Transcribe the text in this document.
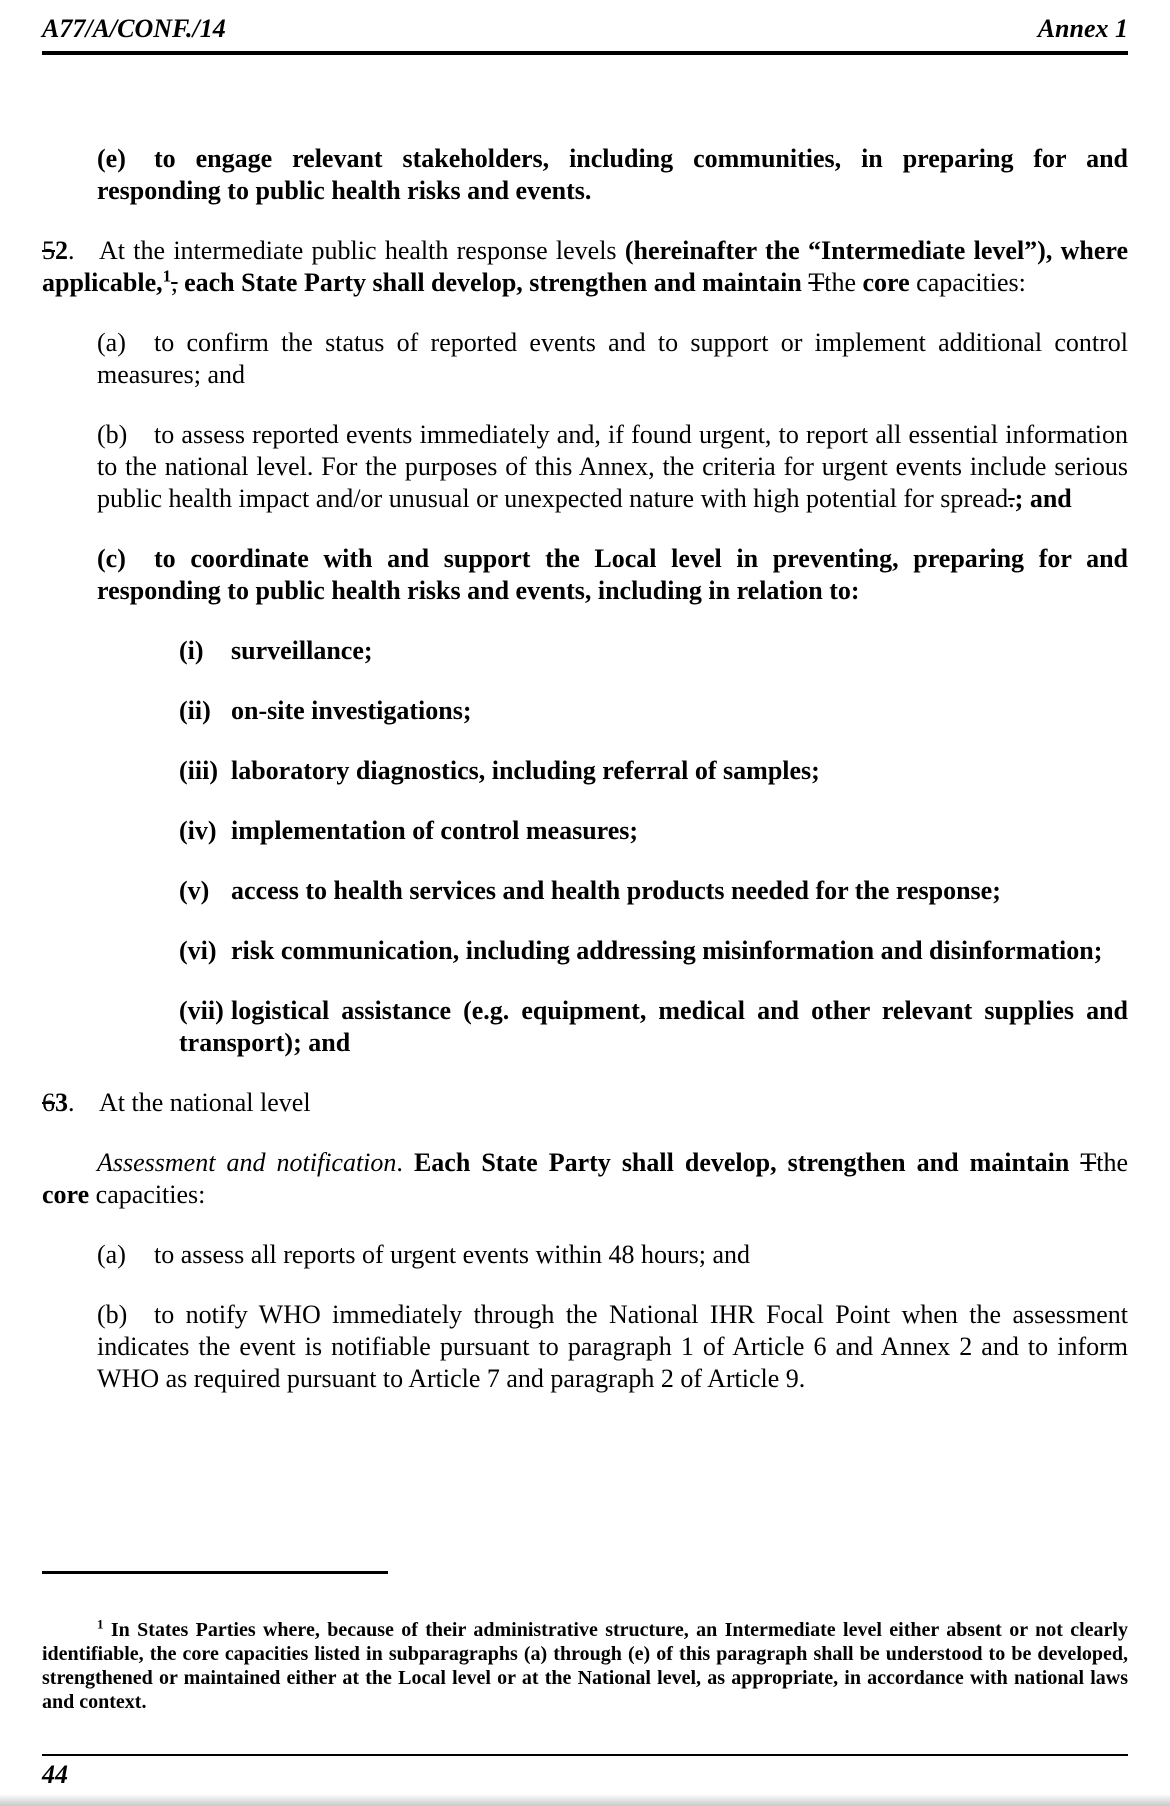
A77/A/CONF./14	Annex 1
(e) to engage relevant stakeholders, including communities, in preparing for and responding to public health risks and events.
52. At the intermediate public health response levels (hereinafter the “Intermediate level”), where applicable,$^1$, each State Party shall develop, strengthen and maintain Tthe core capacities:
(a) to confirm the status of reported events and to support or implement additional control measures; and
(b) to assess reported events immediately and, if found urgent, to report all essential information to the national level. For the purposes of this Annex, the criteria for urgent events include serious public health impact and/or unusual or unexpected nature with high potential for spread.; and
(c) to coordinate with and support the Local level in preventing, preparing for and responding to public health risks and events, including in relation to:
(i) surveillance;
(ii) on-site investigations;
(iii) laboratory diagnostics, including referral of samples;
(iv) implementation of control measures;
(v) access to health services and health products needed for the response;
(vi) risk communication, including addressing misinformation and disinformation;
(vii) logistical assistance (e.g. equipment, medical and other relevant supplies and transport); and
63. At the national level
Assessment and notification. Each State Party shall develop, strengthen and maintain Tthe core capacities:
(a) to assess all reports of urgent events within 48 hours; and
(b) to notify WHO immediately through the National IHR Focal Point when the assessment indicates the event is notifiable pursuant to paragraph 1 of Article 6 and Annex 2 and to inform WHO as required pursuant to Article 7 and paragraph 2 of Article 9.
$^1$ In States Parties where, because of their administrative structure, an Intermediate level either absent or not clearly identifiable, the core capacities listed in subparagraphs (a) through (e) of this paragraph shall be understood to be developed, strengthened or maintained either at the Local level or at the National level, as appropriate, in accordance with national laws and context.
44
